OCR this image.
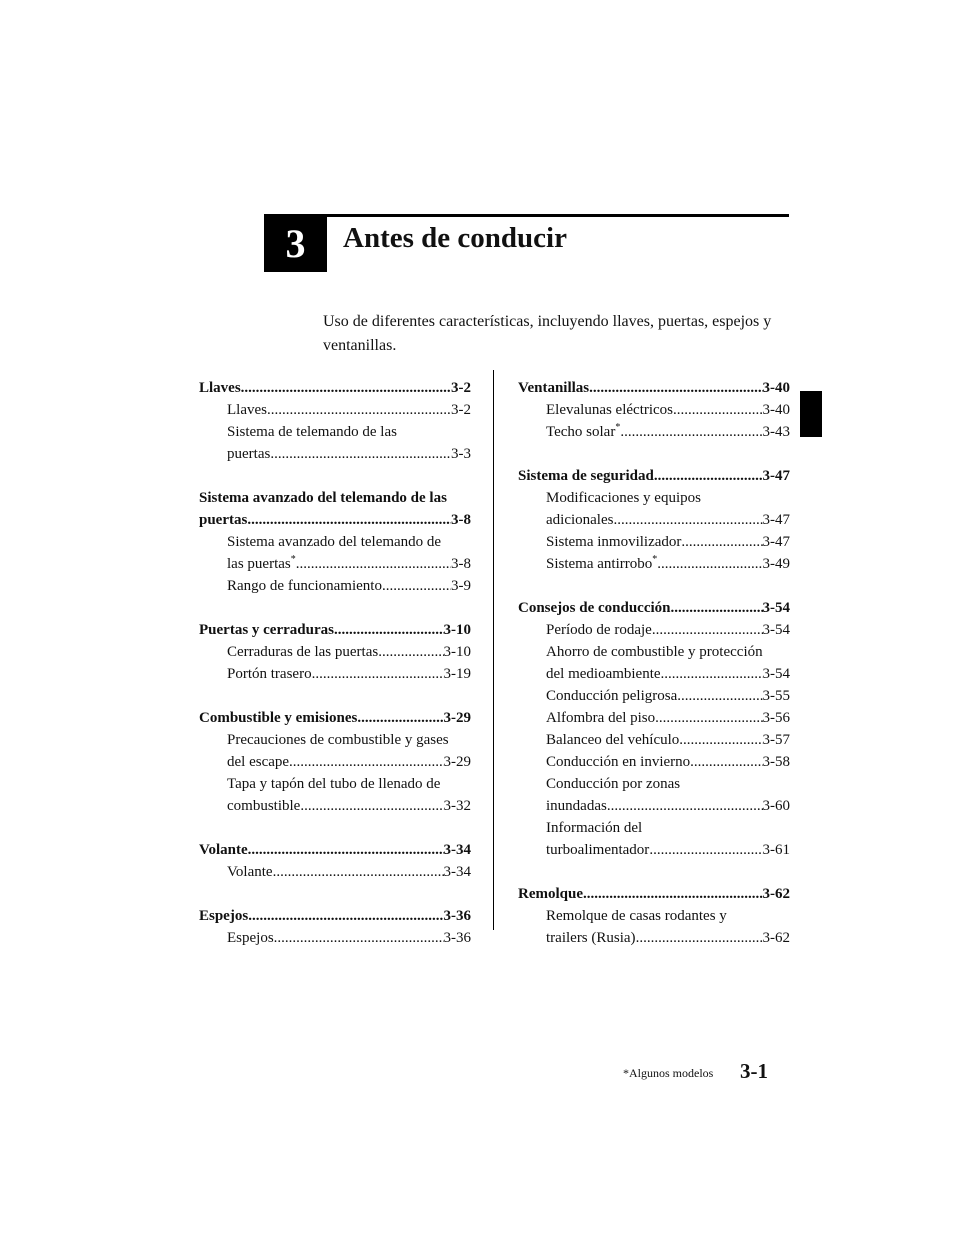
3 Antes de conducir
Uso de diferentes características, incluyendo llaves, puertas, espejos y ventanillas.
Llaves .....	3-2
Llaves .....	3-2
Sistema de telemando de las
puertas .....	3-3
Sistema avanzado del telemando de las
puertas .....	3-8
Sistema avanzado del telemando de
las puertas* .....	3-8
Rango de funcionamiento .....	3-9
Puertas y cerraduras .....	3-10
Cerraduras de las puertas .....	3-10
Portón trasero .....	3-19
Combustible y emisiones .....	3-29
Precauciones de combustible y gases
del escape .....	3-29
Tapa y tapón del tubo de llenado de
combustible .....	3-32
Volante .....	3-34
Volante .....	3-34
Espejos .....	3-36
Espejos .....	3-36
Ventanillas .....	3-40
Elevalunas eléctricos .....	3-40
Techo solar* .....	3-43
Sistema de seguridad .....	3-47
Modificaciones y equipos
adicionales .....	3-47
Sistema inmovilizador .....	3-47
Sistema antirrobo* .....	3-49
Consejos de conducción .....	3-54
Período de rodaje .....	3-54
Ahorro de combustible y protección
del medioambiente .....	3-54
Conducción peligrosa .....	3-55
Alfombra del piso .....	3-56
Balanceo del vehículo .....	3-57
Conducción en invierno .....	3-58
Conducción por zonas
inundadas .....	3-60
Información del
turboalimentador .....	3-61
Remolque .....	3-62
Remolque de casas rodantes y
trailers (Rusia) .....	3-62
*Algunos modelos 3-1
